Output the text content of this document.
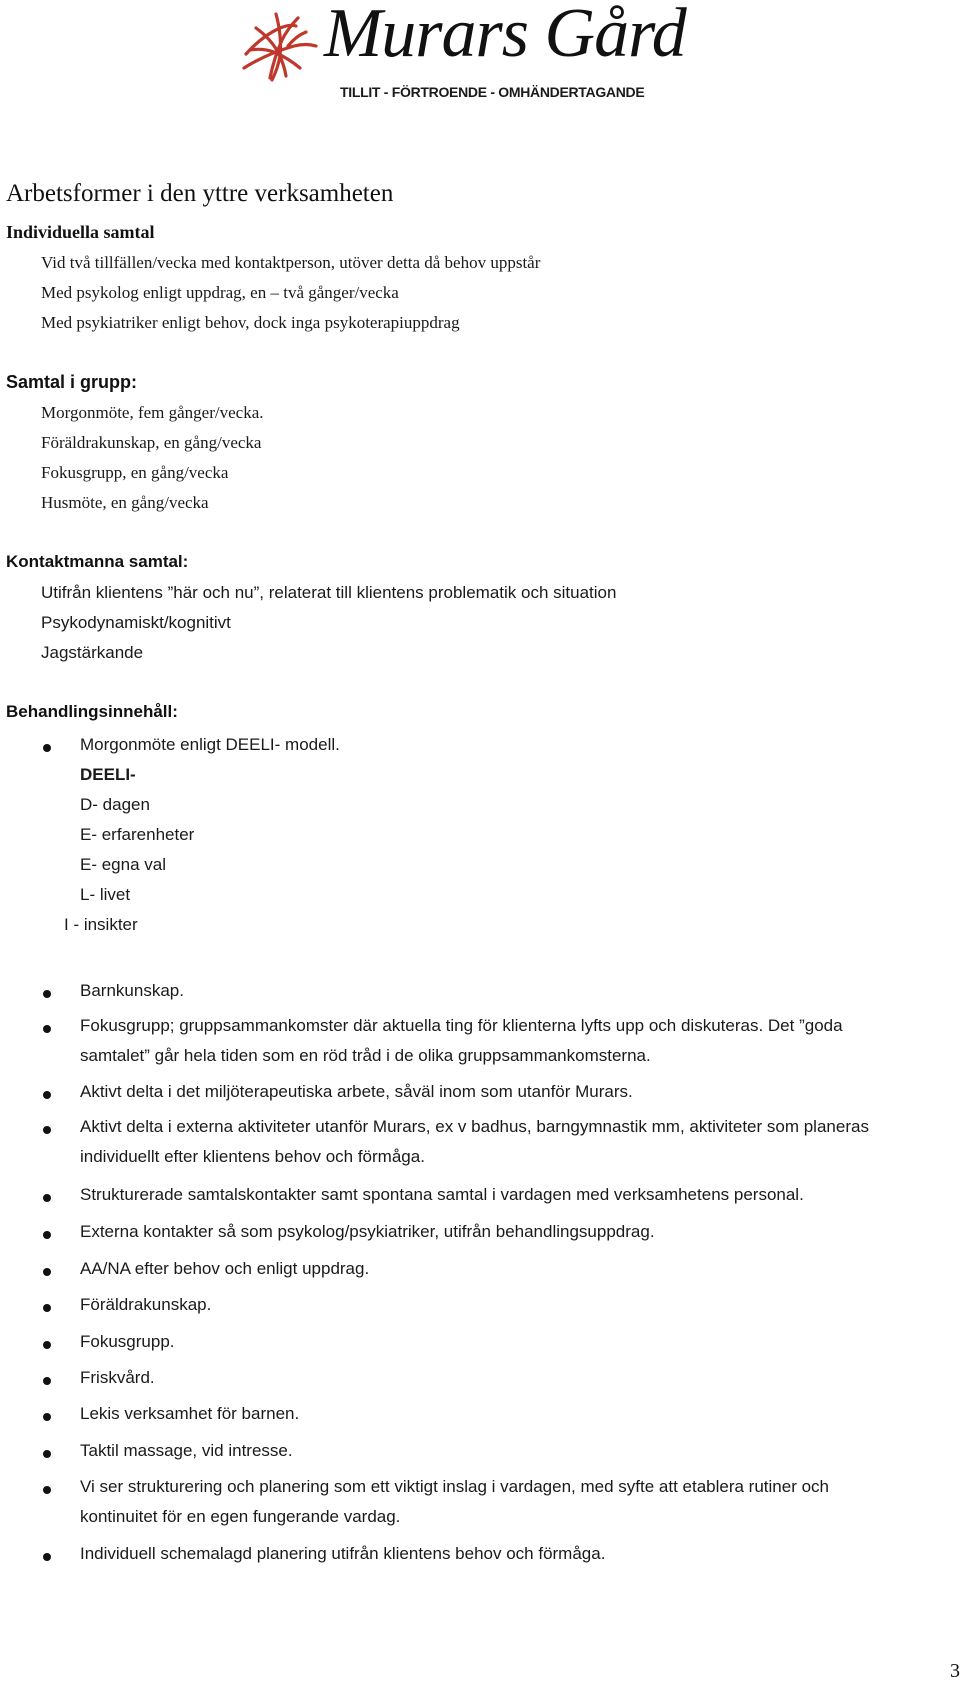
Murars Gård
TILLIT - FÖRTROENDE - OMHÄNDERTAGANDE
Arbetsformer i den yttre verksamheten
Individuella samtal
Vid två tillfällen/vecka med kontaktperson, utöver detta då behov uppstår
Med psykolog enligt uppdrag, en – två gånger/vecka
Med psykiatriker enligt behov, dock inga psykoterapiuppdrag
Samtal i grupp:
Morgonmöte, fem gånger/vecka.
Föräldrakunskap, en gång/vecka
Fokusgrupp, en gång/vecka
Husmöte, en gång/vecka
Kontaktmanna samtal:
Utifrån klientens ”här och nu”, relaterat till klientens problematik och situation
Psykodynamiskt/kognitivt
Jagstärkande
Behandlingsinnehåll:
Morgonmöte enligt DEELI- modell.
DEELI-
D- dagen
E- erfarenheter
E- egna val
L- livet
I - insikter
Barnkunskap.
Fokusgrupp; gruppsammankomster där aktuella ting för klienterna lyfts upp och diskuteras. Det ”goda
samtalet” går hela tiden som en röd tråd i de olika gruppsammankomsterna.
Aktivt delta i det miljöterapeutiska arbete, såväl inom som utanför Murars.
Aktivt delta i externa aktiviteter utanför Murars, ex v badhus, barngymnastik mm, aktiviteter som planeras
individuellt efter klientens behov och förmåga.
Strukturerade samtalskontakter samt spontana samtal i vardagen med verksamhetens personal.
Externa kontakter så som psykolog/psykiatriker, utifrån behandlingsuppdrag.
AA/NA efter behov och enligt uppdrag.
Föräldrakunskap.
Fokusgrupp.
Friskvård.
Lekis verksamhet för barnen.
Taktil massage, vid intresse.
Vi ser strukturering och planering som ett viktigt inslag i vardagen, med syfte att etablera rutiner och
kontinuitet för en egen fungerande vardag.
Individuell schemalagd planering utifrån klientens behov och förmåga.
3
